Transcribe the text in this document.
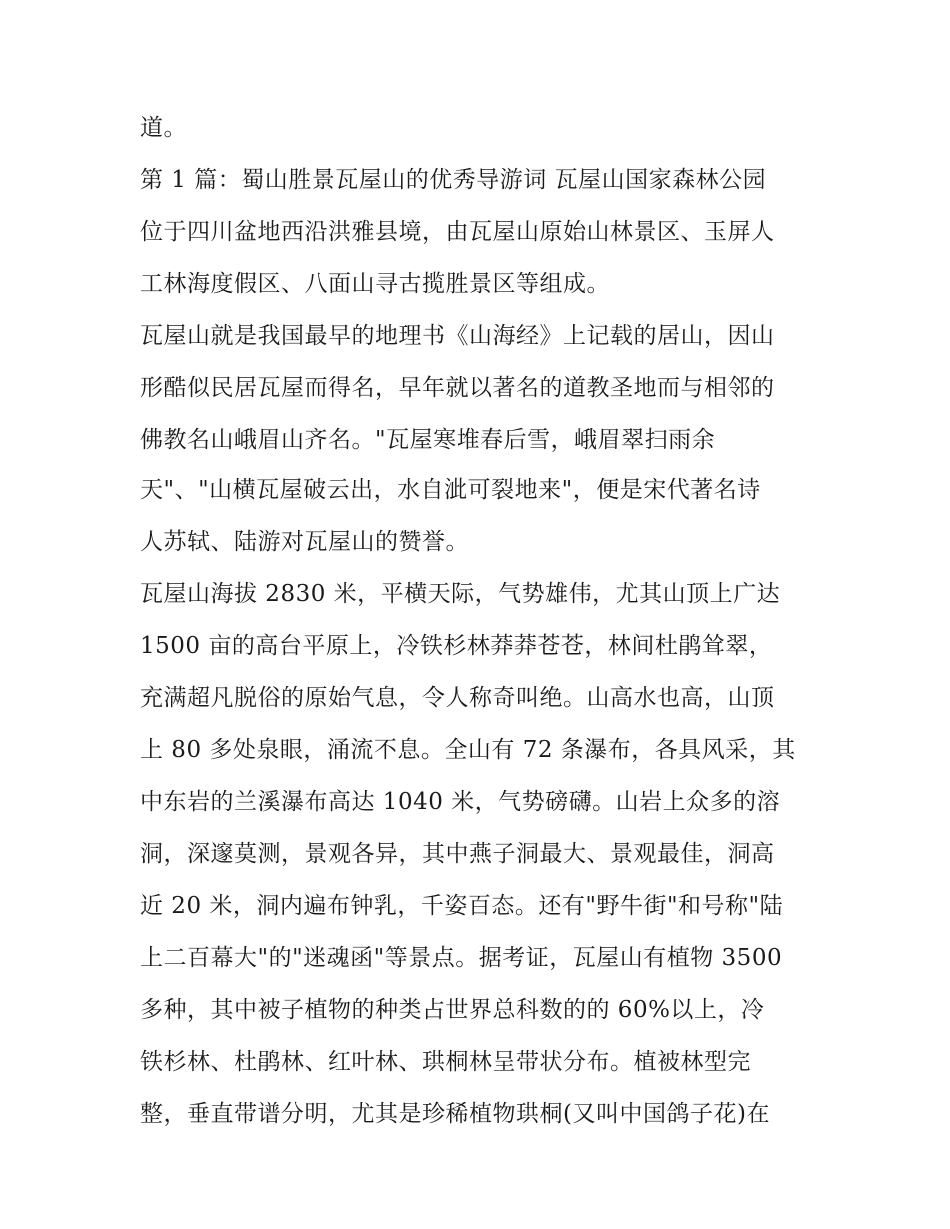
道。
第 1 篇：蜀山胜景瓦屋山的优秀导游词 瓦屋山国家森林公园
位于四川盆地西沿洪雅县境，由瓦屋山原始山林景区、玉屏人
工林海度假区、八面山寻古揽胜景区等组成。
瓦屋山就是我国最早的地理书《山海经》上记载的居山，因山
形酷似民居瓦屋而得名，早年就以著名的道教圣地而与相邻的
佛教名山峨眉山齐名。"瓦屋寒堆春后雪，峨眉翠扫雨余
天"、"山横瓦屋破云出，水自泚可裂地来"，便是宋代著名诗
人苏轼、陆游对瓦屋山的赞誉。
瓦屋山海拔 2830 米，平横天际，气势雄伟，尤其山顶上广达
1500 亩的高台平原上，冷铁杉林莽莽苍苍，林间杜鹃耸翠，
充满超凡脱俗的原始气息，令人称奇叫绝。山高水也高，山顶
上 80 多处泉眼，涌流不息。全山有 72 条瀑布，各具风采，其
中东岩的兰溪瀑布高达 1040 米，气势磅礴。山岩上众多的溶
洞，深邃莫测，景观各异，其中燕子洞最大、景观最佳，洞高
近 20 米，洞内遍布钟乳，千姿百态。还有"野牛街"和号称"陆
上二百幕大"的"迷魂函"等景点。据考证，瓦屋山有植物 3500
多种，其中被子植物的种类占世界总科数的的 60%以上，冷
铁杉林、杜鹃林、红叶林、珙桐林呈带状分布。植被林型完
整，垂直带谱分明，尤其是珍稀植物珙桐(又叫中国鸽子花)在
